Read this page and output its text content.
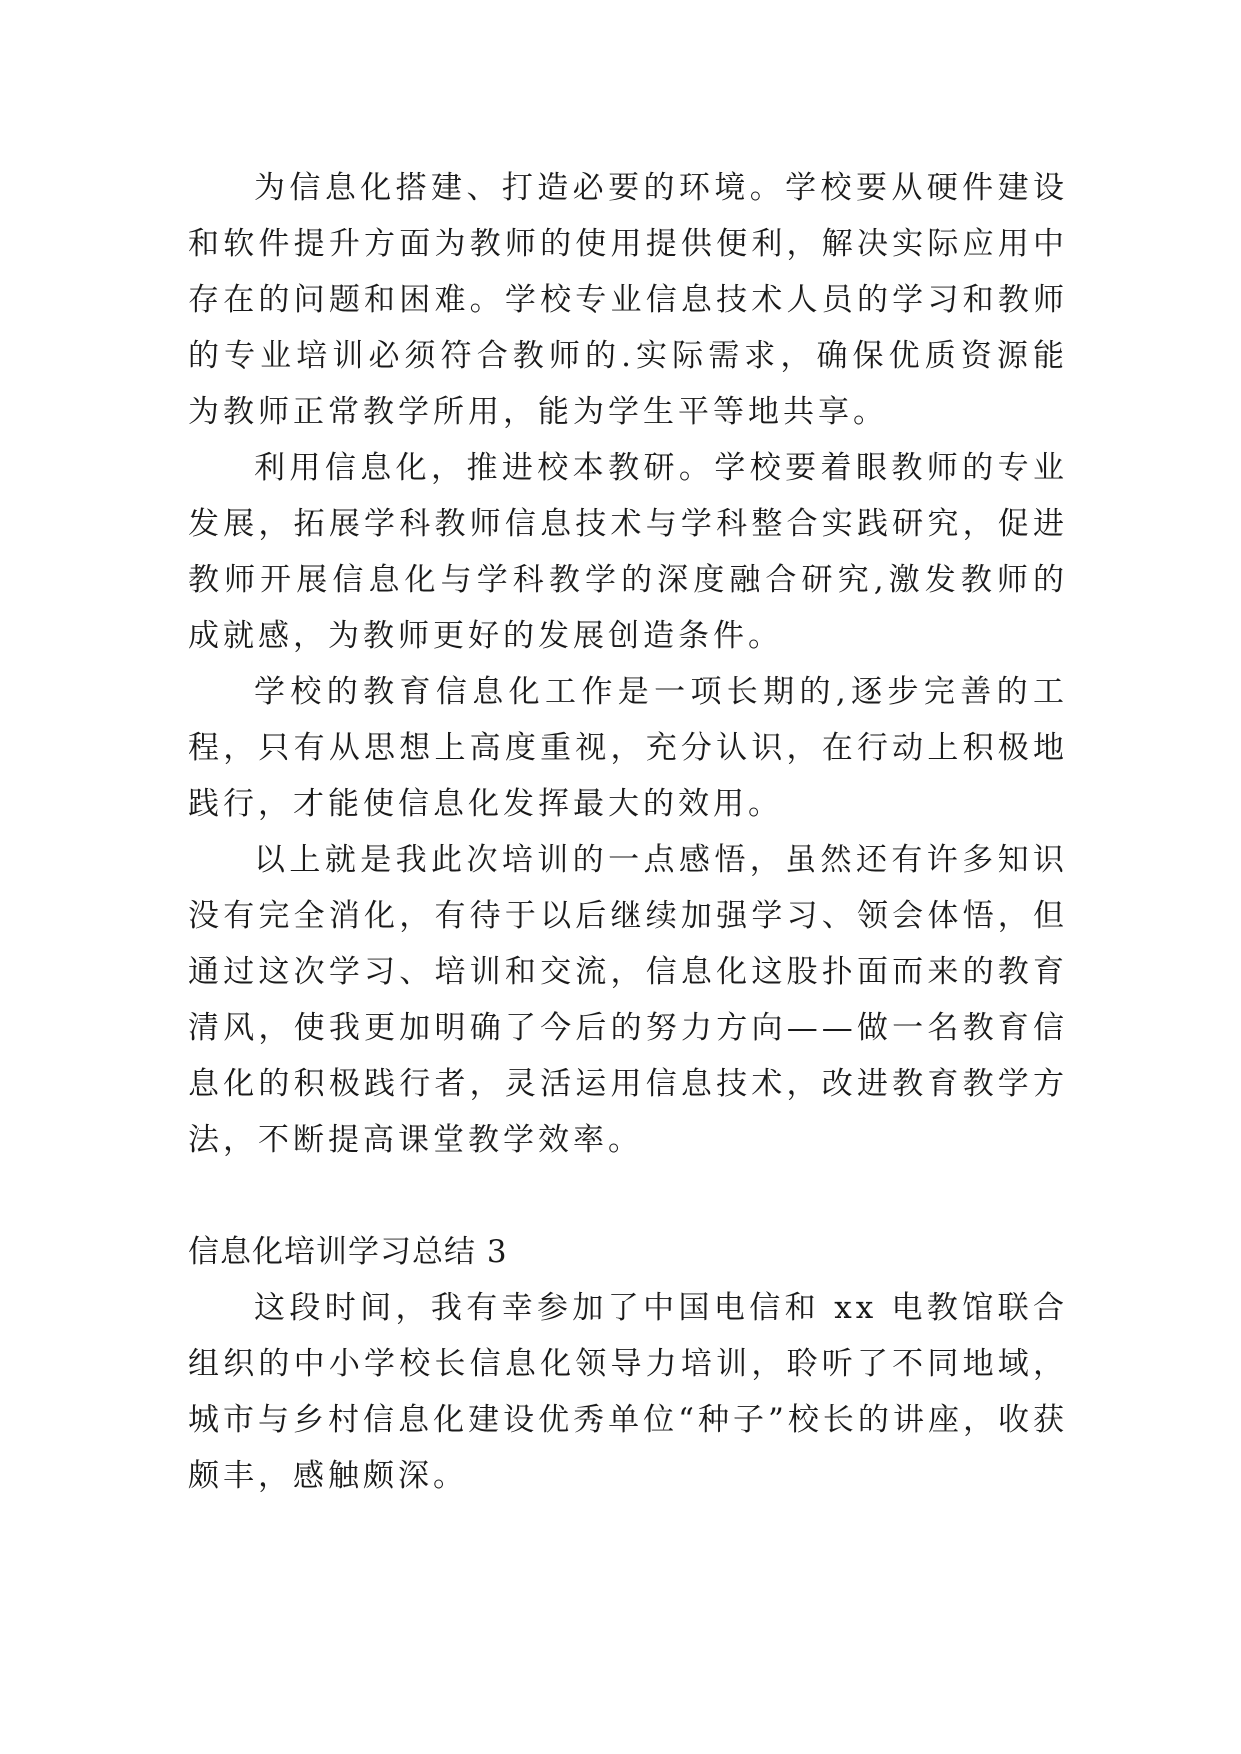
为信息化搭建、打造必要的环境。学校要从硬件建设和软件提升方面为教师的使用提供便利，解决实际应用中存在的问题和困难。学校专业信息技术人员的学习和教师的专业培训必须符合教师的.实际需求，确保优质资源能为教师正常教学所用，能为学生平等地共享。

利用信息化，推进校本教研。学校要着眼教师的专业发展，拓展学科教师信息技术与学科整合实践研究，促进教师开展信息化与学科教学的深度融合研究,激发教师的成就感，为教师更好的发展创造条件。

学校的教育信息化工作是一项长期的,逐步完善的工程，只有从思想上高度重视，充分认识，在行动上积极地践行，才能使信息化发挥最大的效用。

以上就是我此次培训的一点感悟，虽然还有许多知识没有完全消化，有待于以后继续加强学习、领会体悟，但通过这次学习、培训和交流，信息化这股扑面而来的教育清风，使我更加明确了今后的努力方向——做一名教育信息化的积极践行者，灵活运用信息技术，改进教育教学方法，不断提高课堂教学效率。

信息化培训学习总结 3

这段时间，我有幸参加了中国电信和 xx 电教馆联合组织的中小学校长信息化领导力培训，聆听了不同地域，城市与乡村信息化建设优秀单位“种子”校长的讲座，收获颇丰，感触颇深。
